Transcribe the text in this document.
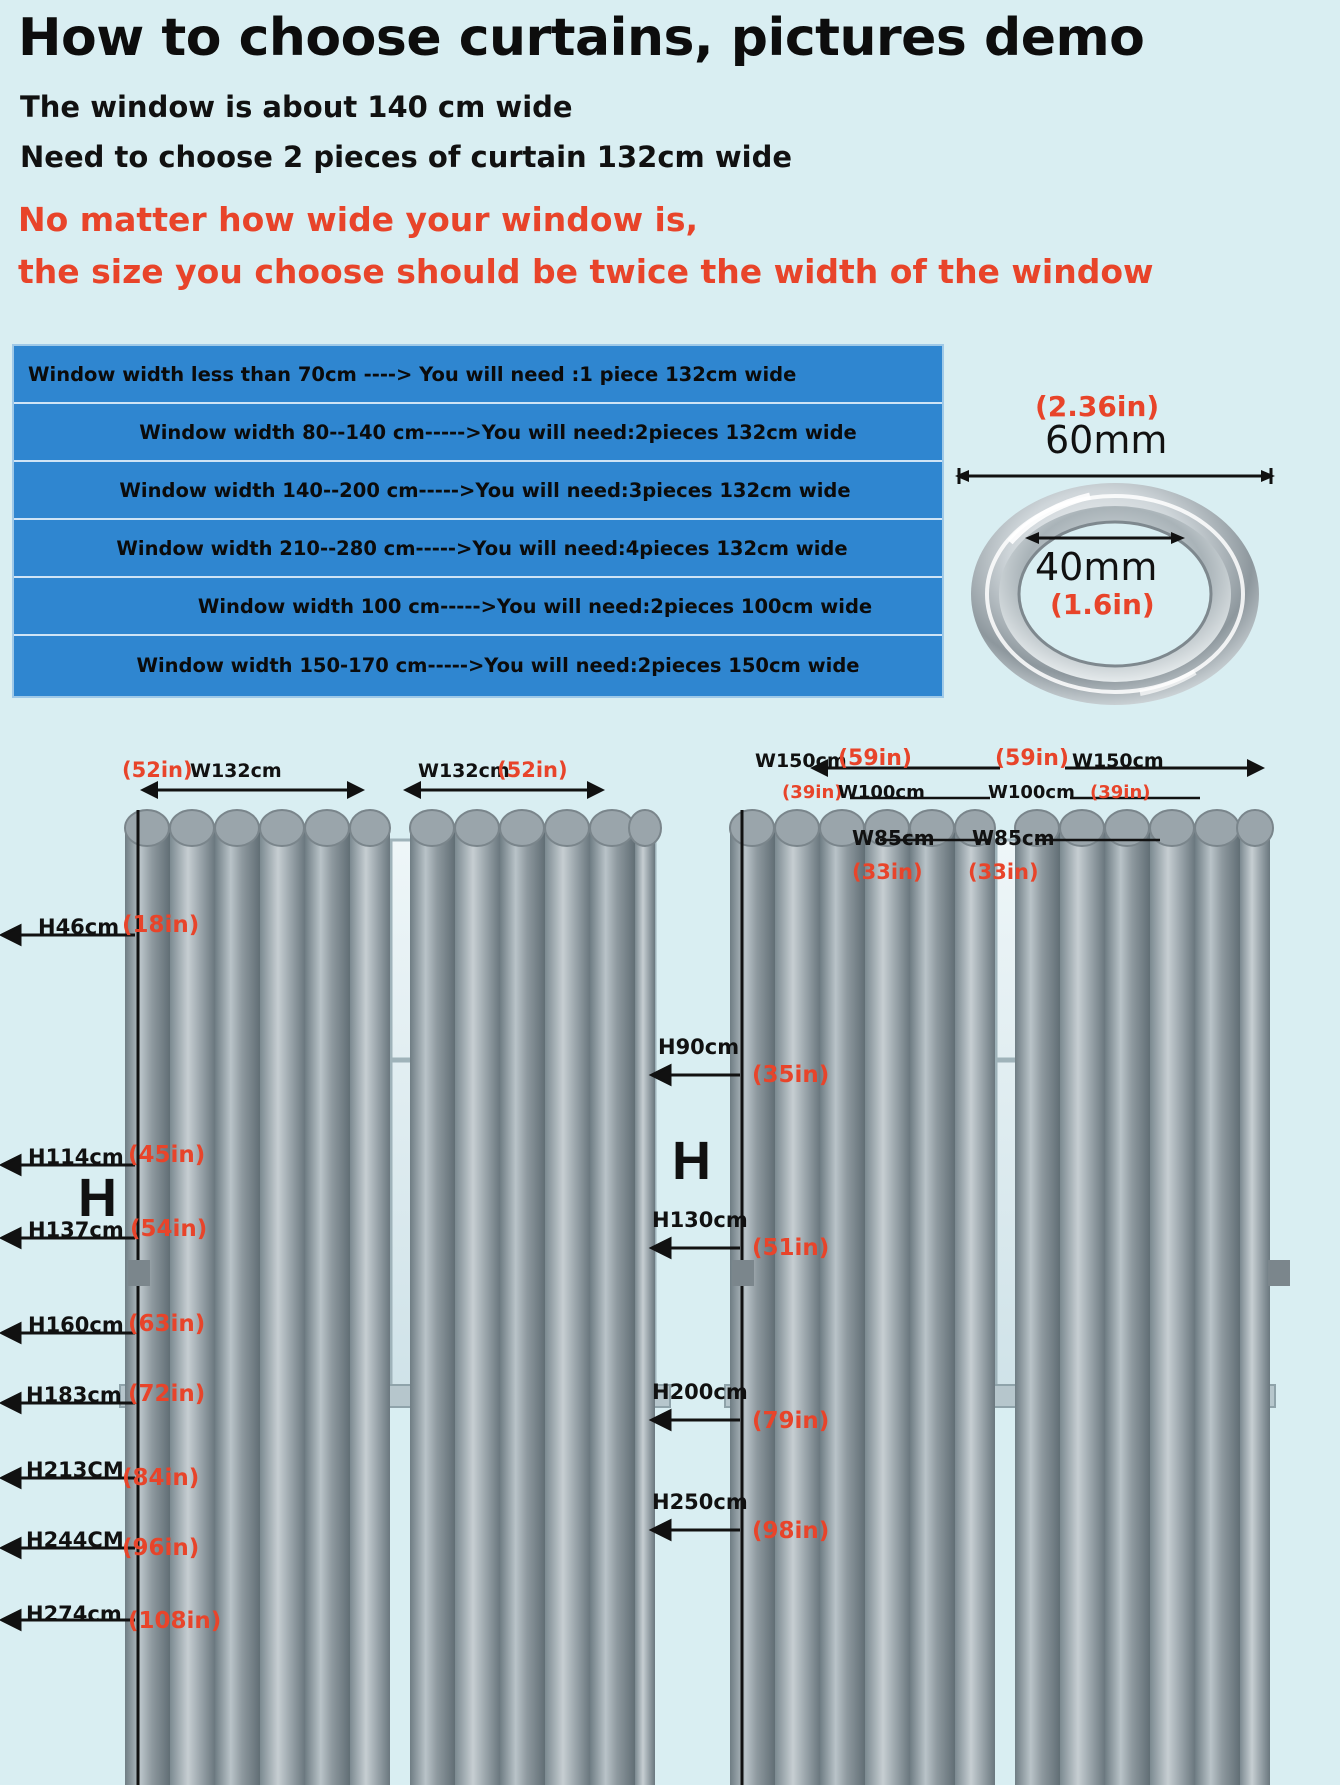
How to choose curtains, pictures demo
The window is about 140 cm wide
Need to choose 2 pieces of curtain 132cm wide
No matter how wide your window is,
the size you choose should be twice the width of the window
Window width less than 70cm ----> You will need :1 piece 132cm wide
Window width 80--140 cm----->You will need:2pieces 132cm wide
Window width 140--200 cm----->You will need:3pieces 132cm wide
Window width 210--280 cm----->You will need:4pieces 132cm wide
Window width 100 cm----->You will need:2pieces 100cm wide
Window width 150-170 cm----->You will need:2pieces 150cm wide
(2.36in)
60mm
40mm
(1.6in)
(52in)
W132cm	W132cm
(52in)
H46cm (18in)
H114cm (45in)
H
H137cm (54in)
H160cm (63in)
H183cm (72in)
H213CM
(84in)
H244CM
(96in)
H274cm (108in)
W150cm
(59in)
(39in)
W100cm
W85cm
(33in)
(59in) W150cm
W100cm (39in)
W85cm
(33in)
H90cm
(35in)
H
H130cm
(51in)
H200cm
(79in)
H250cm
(98in)
